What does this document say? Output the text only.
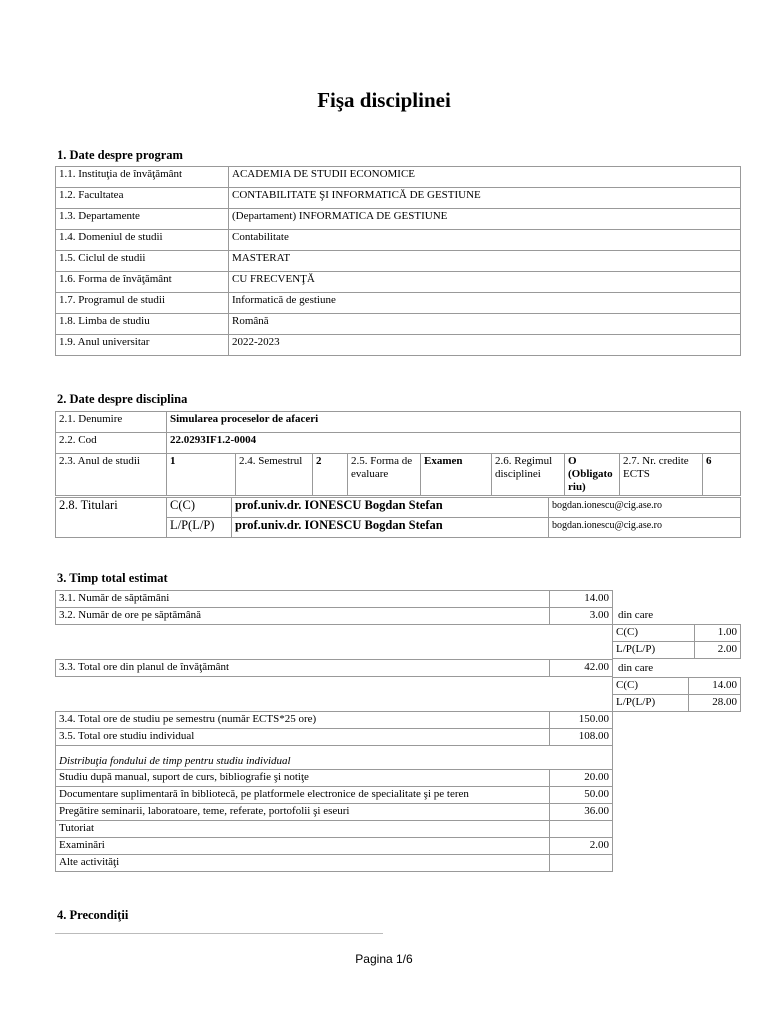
Fişa disciplinei
1. Date despre program
1.1. Instituţia de învăţământ	ACADEMIA DE STUDII ECONOMICE
1.2. Facultatea	CONTABILITATE ŞI INFORMATICĂ DE GESTIUNE
1.3. Departamente	(Departament) INFORMATICA DE GESTIUNE
1.4. Domeniul de studii	Contabilitate
1.5. Ciclul de studii	MASTERAT
1.6. Forma de învăţământ	CU FRECVENŢĂ
1.7. Programul de studii	Informatică de gestiune
1.8. Limba de studiu	Română
1.9. Anul universitar	2022-2023
2. Date despre disciplina
2.1. Denumire	Simularea proceselor de afaceri								
2.2. Cod	22.0293IF1.2-0004								
2.3. Anul de studii	1	2.4. Semestrul	2	2.5. Forma de evaluare	Examen	2.6. Regimul disciplinei	O (Obligato riu)	2.7. Nr. credite ECTS	6
2.8. Titulari	C(C)	prof.univ.dr. IONESCU Bogdan Stefan	bogdan.ionescu@cig.ase.ro
	L/P(L/P)	prof.univ.dr. IONESCU Bogdan Stefan	bogdan.ionescu@cig.ase.ro
3. Timp total estimat
3.1. Număr de săptămâni	14.00
3.2. Număr de ore pe săptămână	3.00 din care
C(C)	1.00
L/P(L/P)	2.00
3.3. Total ore din planul de învăţământ	42.00 din care
C(C)	14.00
L/P(L/P)	28.00
3.4. Total ore de studiu pe semestru (număr ECTS*25 ore)	150.00
3.5. Total ore studiu individual	108.00
Distribuţia fondului de timp pentru studiu individual	
Studiu după manual, suport de curs, bibliografie şi notiţe	20.00
Documentare suplimentară în bibliotecă, pe platformele electronice de specialitate şi pe teren	50.00
Pregătire seminarii, laboratoare, teme, referate, portofolii şi eseuri	36.00
Tutoriat	
Examinări	2.00
Alte activităţi	
4. Precondiţii
Pagina 1/6
